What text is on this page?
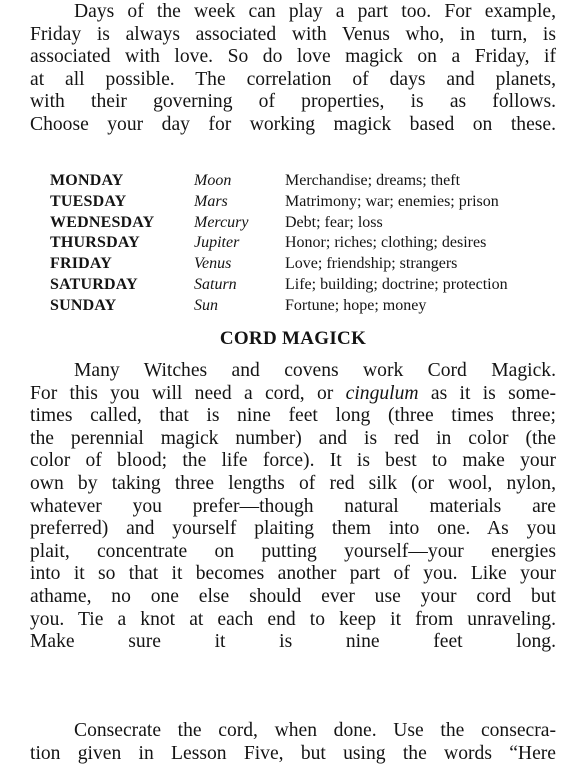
Days of the week can play a part too. For example,
Friday is always associated with Venus who, in turn, is
associated with love. So do love magick on a Friday, if
at all possible. The correlation of days and planets,
with their governing of properties, is as follows.
Choose your day for working magick based on these.
MONDAY	Moon	Merchandise; dreams; theft
TUESDAY	Mars	Matrimony; war; enemies; prison
WEDNESDAY	Mercury	Debt; fear; loss
THURSDAY	Jupiter	Honor; riches; clothing; desires
FRIDAY	Venus	Love; friendship; strangers
SATURDAY	Saturn	Life; building; doctrine; protection
SUNDAY	Sun	Fortune; hope; money
CORD MAGICK
Many Witches and covens work Cord Magick.
For this you will need a cord, or cingulum as it is some-
times called, that is nine feet long (three times three;
the perennial magick number) and is red in color (the
color of blood; the life force). It is best to make your
own by taking three lengths of red silk (or wool, nylon,
whatever you prefer—though natural materials are
preferred) and yourself plaiting them into one. As you
plait, concentrate on putting yourself—your energies
into it so that it becomes another part of you. Like your
athame, no one else should ever use your cord but
you. Tie a knot at each end to keep it from unraveling.
Make sure it is nine feet long.
Consecrate the cord, when done. Use the consecra-
tion given in Lesson Five, but using the words “Here
